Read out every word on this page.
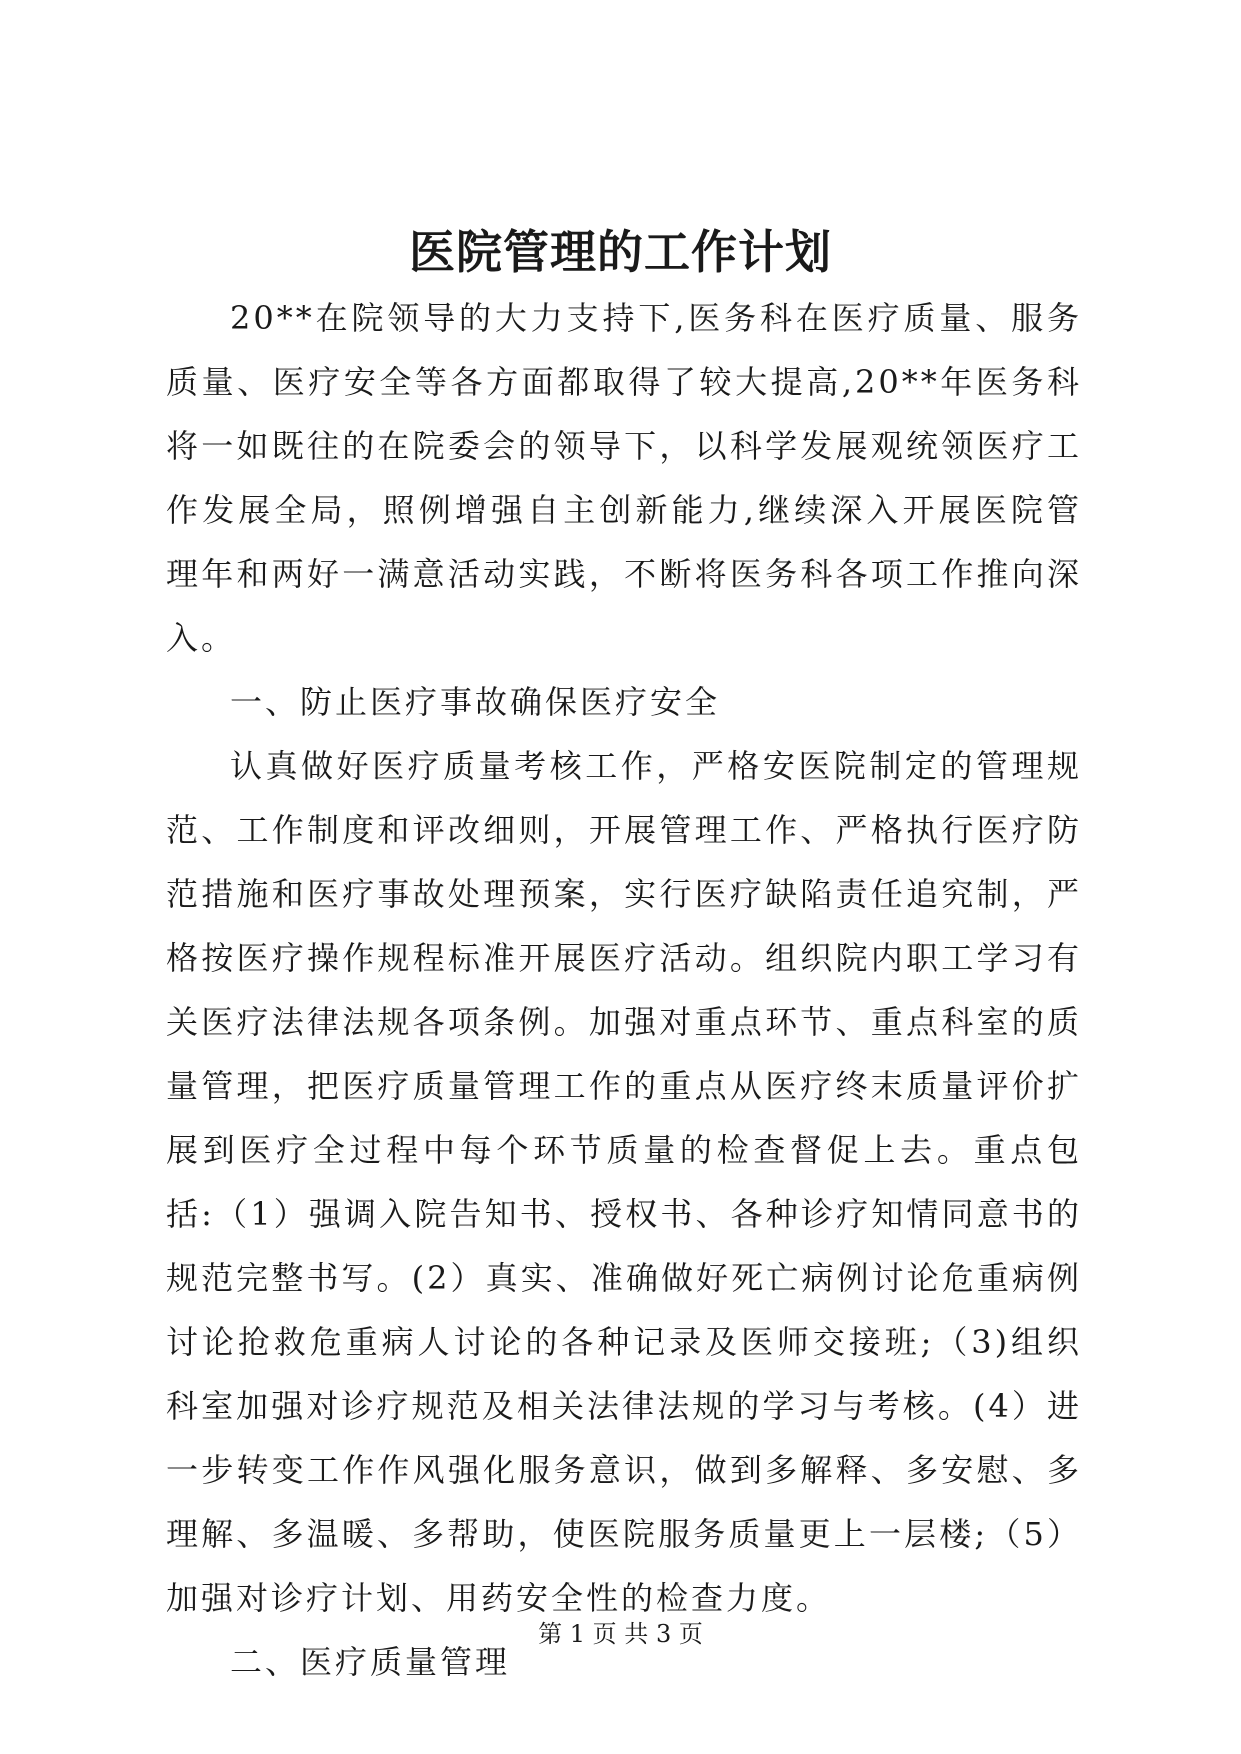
医院管理的工作计划

20**在院领导的大力支持下,医务科在医疗质量、服务质量、医疗安全等各方面都取得了较大提高,20**年医务科将一如既往的在院委会的领导下，以科学发展观统领医疗工作发展全局，照例增强自主创新能力,继续深入开展医院管理年和两好一满意活动实践，不断将医务科各项工作推向深入。

一、防止医疗事故确保医疗安全

认真做好医疗质量考核工作，严格安医院制定的管理规范、工作制度和评改细则，开展管理工作、严格执行医疗防范措施和医疗事故处理预案，实行医疗缺陷责任追究制，严格按医疗操作规程标准开展医疗活动。组织院内职工学习有关医疗法律法规各项条例。加强对重点环节、重点科室的质量管理，把医疗质量管理工作的重点从医疗终末质量评价扩展到医疗全过程中每个环节质量的检查督促上去。重点包括:（1）强调入院告知书、授权书、各种诊疗知情同意书的规范完整书写。(2）真实、准确做好死亡病例讨论危重病例讨论抢救危重病人讨论的各种记录及医师交接班;（3)组织科室加强对诊疗规范及相关法律法规的学习与考核。(4）进一步转变工作作风强化服务意识，做到多解释、多安慰、多理解、多温暖、多帮助，使医院服务质量更上一层楼;（5）加强对诊疗计划、用药安全性的检查力度。

二、医疗质量管理

第 1 页 共 3 页
